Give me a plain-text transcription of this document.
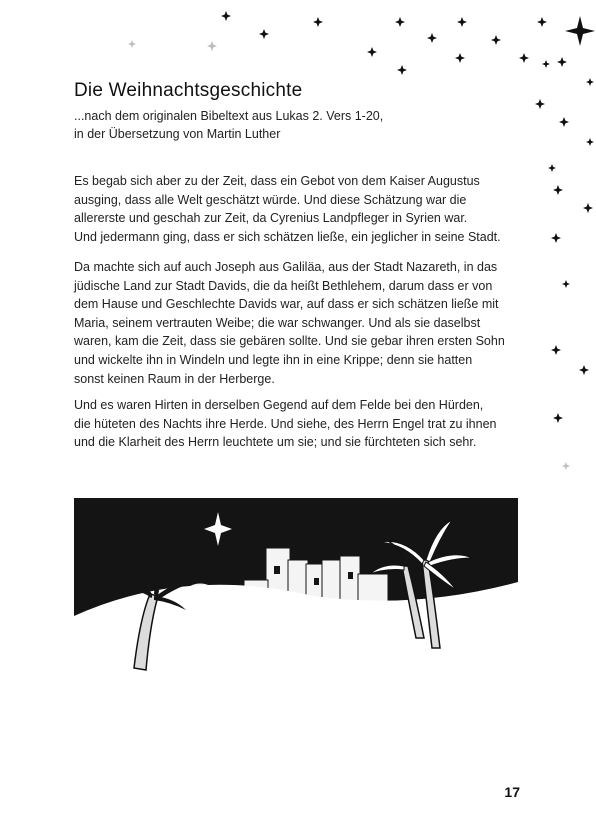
Die Weihnachtsgeschichte
...nach dem originalen Bibeltext aus Lukas 2. Vers 1-20,
in der Übersetzung von Martin Luther
Es begab sich aber zu der Zeit, dass ein Gebot von dem Kaiser Augustus
ausging, dass alle Welt geschätzt würde. Und diese Schätzung war die
allererste und geschah zur Zeit, da Cyrenius Landpfleger in Syrien war.
Und jedermann ging, dass er sich schätzen ließe, ein jeglicher in seine Stadt.
Da machte sich auf auch Joseph aus Galiläa, aus der Stadt Nazareth, in das
jüdische Land zur Stadt Davids, die da heißt Bethlehem, darum dass er von
dem Hause und Geschlechte Davids war, auf dass er sich schätzen ließe mit
Maria, seinem vertrauten Weibe; die war schwanger. Und als sie daselbst
waren, kam die Zeit, dass sie gebären sollte. Und sie gebar ihren ersten Sohn
und wickelte ihn in Windeln und legte ihn in eine Krippe; denn sie hatten
sonst keinen Raum in der Herberge.
Und es waren Hirten in derselben Gegend auf dem Felde bei den Hürden,
die hüteten des Nachts ihre Herde. Und siehe, des Herrn Engel trat zu ihnen
und die Klarheit des Herrn leuchtete um sie; und sie fürchteten sich sehr.
17
